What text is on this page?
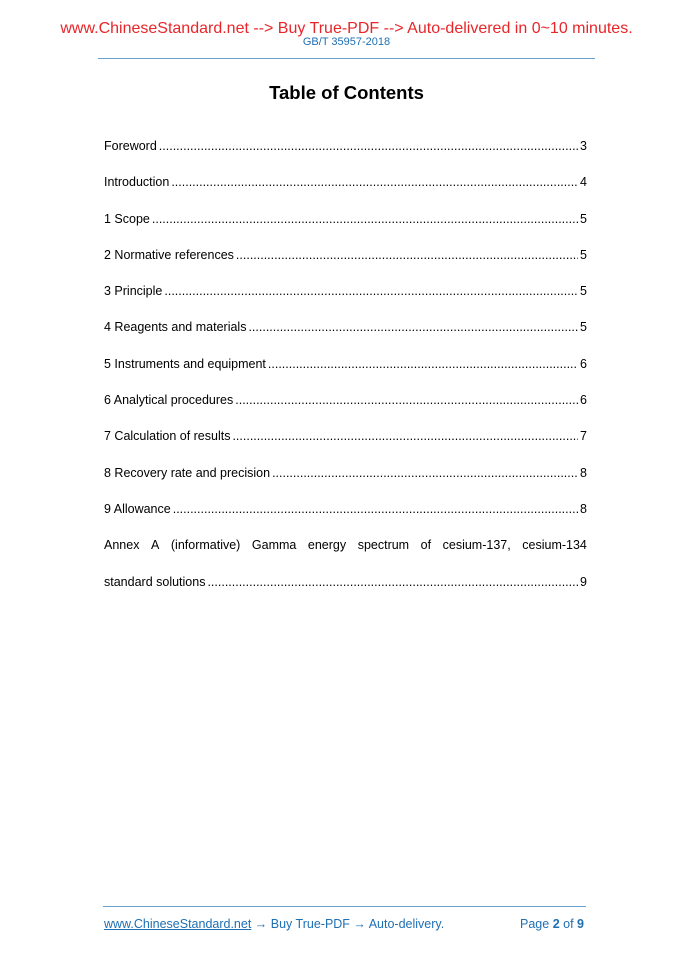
www.ChineseStandard.net --> Buy True-PDF --> Auto-delivered in 0~10 minutes.
GB/T 35957-2018
Table of Contents
Foreword .....	3
Introduction .....	4
1 Scope .....	5
2 Normative references .....	5
3 Principle .....	5
4 Reagents and materials .....	5
5 Instruments and equipment .....	6
6 Analytical procedures .....	6
7 Calculation of results .....	7
8 Recovery rate and precision .....	8
9 Allowance .....	8
Annex A (informative) Gamma energy spectrum of cesium-137, cesium-134
standard solutions .....	9
www.ChineseStandard.net → Buy True-PDF → Auto-delivery.	Page 2 of 9
